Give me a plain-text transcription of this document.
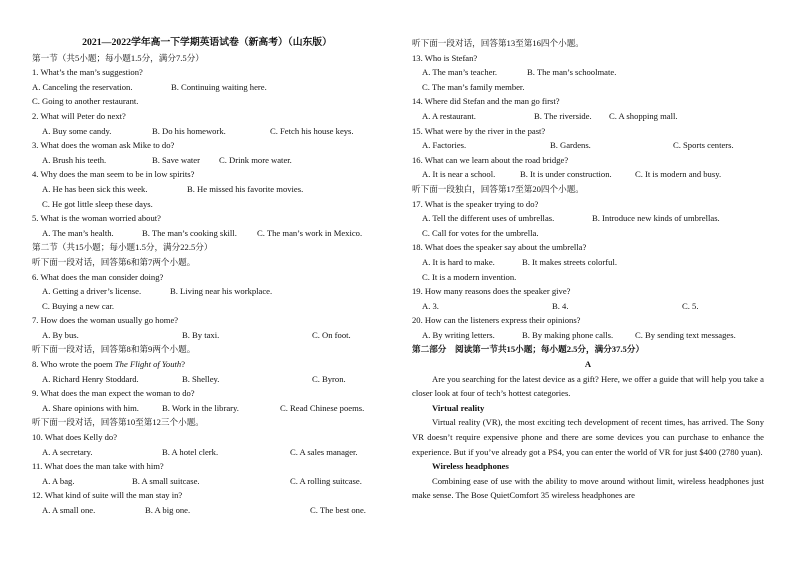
2021—2022学年高一下学期英语试卷（新高考）（山东版）
第一节（共5小题；每小题1.5分，满分7.5分）
1. What’s the man’s suggestion?
A. Canceling the reservation.	B. Continuing waiting here.
C. Going to another restaurant.
2. What will Peter do next?
A. Buy some candy.	B. Do his homework.	C. Fetch his house keys.
3. What does the woman ask Mike to do?
A. Brush his teeth.	B. Save water	C. Drink more water.
4. Why does the man seem to be in low spirits?
A. He has been sick this week.	B. He missed his favorite movies.
C. He got little sleep these days.
5. What is the woman worried about?
A. The man’s health.	B. The man’s cooking skill.	C. The man’s work in Mexico.
第二节（共15小题；每小题1.5分，满分22.5分）
听下面一段对话，回答第6和第7两个小题。
6. What does the man consider doing?
A. Getting a driver’s license.	B. Living near his workplace.
C. Buying a new car.
7. How does the woman usually go home?
A. By bus.	B. By taxi.	C. On foot.
听下面一段对话，回答第8和第9两个小题。
8. Who wrote the poem The Flight of Youth?
A. Richard Henry Stoddard.	B. Shelley.	C. Byron.
9. What does the man expect the woman to do?
A. Share opinions with him.	B. Work in the library.	C. Read Chinese poems.
听下面一段对话，回答第10至第12三个小题。
10. What does Kelly do?
A. A secretary.	B. A hotel clerk.	C. A sales manager.
11. What does the man take with him?
A. A bag.	B. A small suitcase.	C. A rolling suitcase.
12. What kind of suite will the man stay in?
A. A small one.	B. A big one.	C. The best one.
听下面一段对话，回答第13至第16四个小题。
13. Who is Stefan?
A. The man’s teacher.	B. The man’s schoolmate.
C. The man’s family member.
14. Where did Stefan and the man go first?
A. A restaurant.	B. The riverside.	C. A shopping mall.
15. What were by the river in the past?
A. Factories.	B. Gardens.	C. Sports centers.
16. What can we learn about the road bridge?
A. It is near a school.	B. It is under construction.	C. It is modern and busy.
听下面一段独白，回答第17至第20四个小题。
17. What is the speaker trying to do?
A. Tell the different uses of umbrellas.	B. Introduce new kinds of umbrellas.
C. Call for votes for the umbrella.
18. What does the speaker say about the umbrella?
A. It is hard to make.	B. It makes streets colorful.
C. It is a modern invention.
19. How many reasons does the speaker give?
A. 3.	B. 4.	C. 5.
20. How can the listeners express their opinions?
A. By writing letters.	B. By making phone calls.	C. By sending text messages.
第二部分　阅读第一节共15小题；每小题2.5分，满分37.5分）
A
Are you searching for the latest device as a gift? Here, we offer a guide that will help you take a closer look at four of tech’s hottest categories.
Virtual reality
Virtual reality (VR), the most exciting tech development of recent times, has arrived. The Sony VR doesn’t require expensive phone and there are some devices you can purchase to enhance the experience. But if you’ve already got a PS4, you can enter the world of VR for just $400 (2780 yuan).
Wireless headphones
Combining ease of use with the ability to move around without limit, wireless headphones just make sense. The Bose QuietComfort 35 wireless headphones are
